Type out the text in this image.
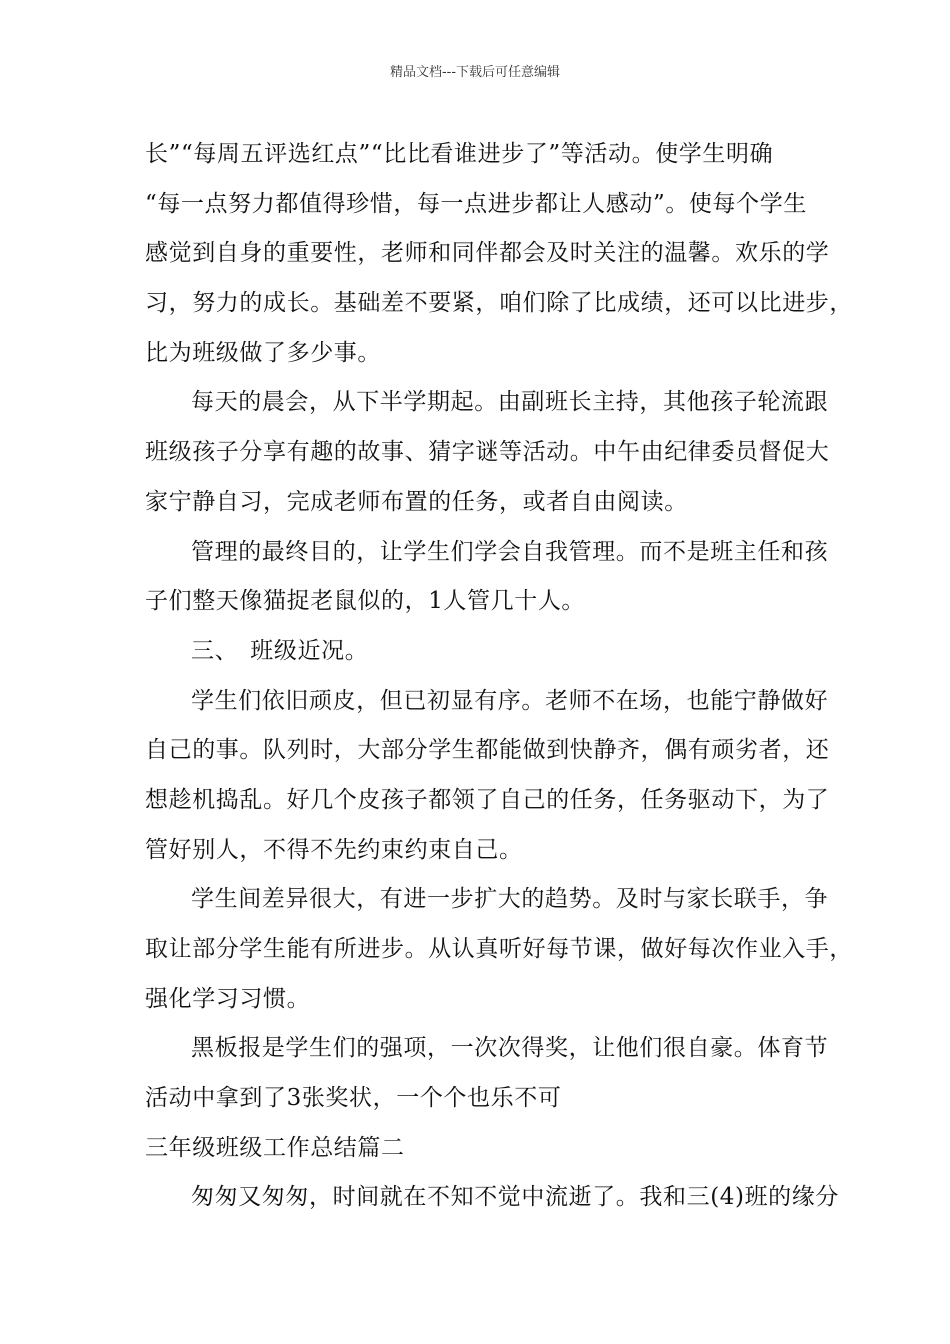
精品文档---下载后可任意编辑
长”“每周五评选红点”“比比看谁进步了”等活动。使学生明确
“每一点努力都值得珍惜，每一点进步都让人感动”。使每个学生
感觉到自身的重要性，老师和同伴都会及时关注的温馨。欢乐的学
习，努力的成长。基础差不要紧，咱们除了比成绩，还可以比进步，
比为班级做了多少事。
每天的晨会，从下半学期起。由副班长主持，其他孩子轮流跟
班级孩子分享有趣的故事、猜字谜等活动。中午由纪律委员督促大
家宁静自习，完成老师布置的任务，或者自由阅读。
管理的最终目的，让学生们学会自我管理。而不是班主任和孩
子们整天像猫捉老鼠似的，1人管几十人。
三、　班级近况。
学生们依旧顽皮，但已初显有序。老师不在场，也能宁静做好
自己的事。队列时，大部分学生都能做到快静齐，偶有顽劣者，还
想趁机捣乱。好几个皮孩子都领了自己的任务，任务驱动下，为了
管好别人，不得不先约束约束自己。
学生间差异很大，有进一步扩大的趋势。及时与家长联手，争
取让部分学生能有所进步。从认真听好每节课，做好每次作业入手，
强化学习习惯。
黑板报是学生们的强项，一次次得奖，让他们很自豪。体育节
活动中拿到了3张奖状，一个个也乐不可
三年级班级工作总结篇二
匆匆又匆匆，时间就在不知不觉中流逝了。我和三(4)班的缘分
